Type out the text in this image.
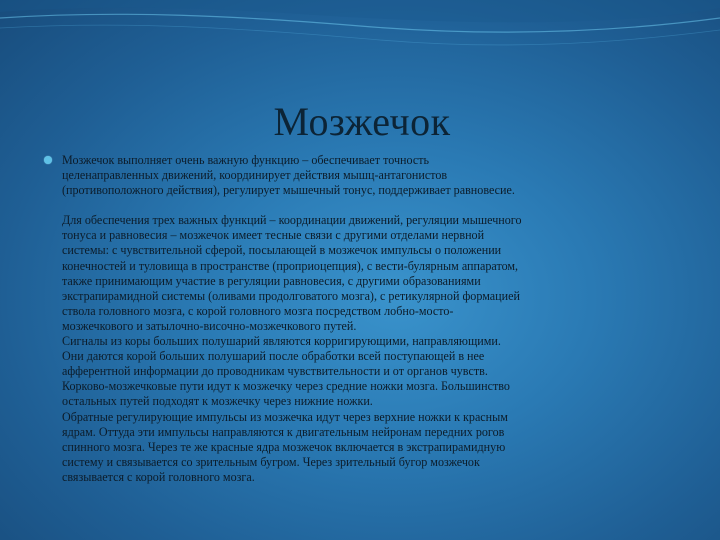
Мозжечок
Мозжечок выполняет очень важную функцию – обеспечивает точность
целенаправленных движений, координирует действия мышц-антагонистов
(противоположного действия), регулирует мышечный тонус, поддерживает равновесие.
Для обеспечения трех важных функций – координации движений, регуляции мышечного
тонуса и равновесия – мозжечок имеет тесные связи с другими отделами нервной
системы: с чувствительной сферой, посылающей в мозжечок импульсы о положении
конечностей и туловища в пространстве (проприоцепция), с вести-булярным аппаратом,
также принимающим участие в регуляции равновесия, с другими образованиями
экстрапирамидной системы (оливами продолговатого мозга), с ретикулярной формацией
ствола головного мозга, с корой головного мозга посредством лобно-мосто-
мозжечкового и затылочно-височно-мозжечкового путей.
Сигналы из коры больших полушарий являются корригирующими, направляющими.
Они даются корой больших полушарий после обработки всей поступающей в нее
афферентной информации до проводникам чувствительности и от органов чувств.
Корково-мозжечковые пути идут к мозжечку через средние ножки мозга. Большинство
остальных путей подходят к мозжечку через нижние ножки.
Обратные регулирующие импульсы из мозжечка идут через верхние ножки к красным
ядрам. Оттуда эти импульсы направляются к двигательным нейронам передних рогов
спинного мозга. Через те же красные ядра мозжечок включается в экстрапирамидную
систему и связывается со зрительным бугром. Через зрительный бугор мозжечок
связывается с корой головного мозга.
